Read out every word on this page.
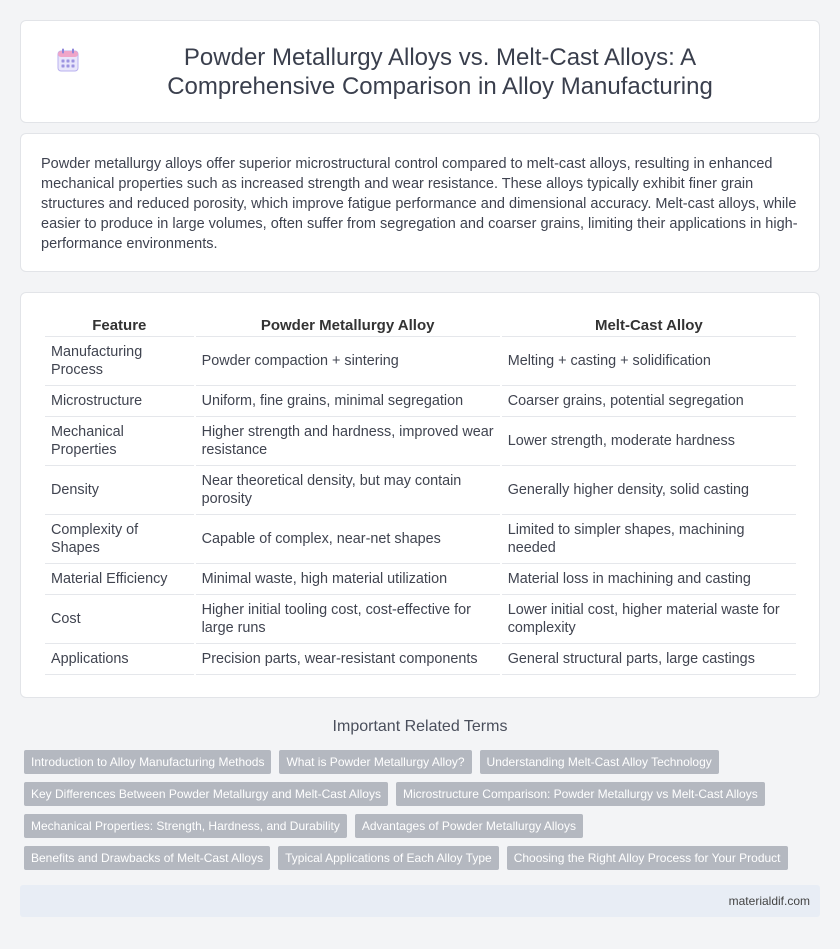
Powder Metallurgy Alloys vs. Melt-Cast Alloys: A Comprehensive Comparison in Alloy Manufacturing

Powder metallurgy alloys offer superior microstructural control compared to melt-cast alloys, resulting in enhanced mechanical properties such as increased strength and wear resistance. These alloys typically exhibit finer grain structures and reduced porosity, which improve fatigue performance and dimensional accuracy. Melt-cast alloys, while easier to produce in large volumes, often suffer from segregation and coarser grains, limiting their applications in high-performance environments.

Feature	Powder Metallurgy Alloy	Melt-Cast Alloy
Manufacturing Process	Powder compaction + sintering	Melting + casting + solidification
Microstructure	Uniform, fine grains, minimal segregation	Coarser grains, potential segregation
Mechanical Properties	Higher strength and hardness, improved wear resistance	Lower strength, moderate hardness
Density	Near theoretical density, but may contain porosity	Generally higher density, solid casting
Complexity of Shapes	Capable of complex, near-net shapes	Limited to simpler shapes, machining needed
Material Efficiency	Minimal waste, high material utilization	Material loss in machining and casting
Cost	Higher initial tooling cost, cost-effective for large runs	Lower initial cost, higher material waste for complexity
Applications	Precision parts, wear-resistant components	General structural parts, large castings
Important Related Terms
Introduction to Alloy Manufacturing Methods	What is Powder Metallurgy Alloy?	Understanding Melt-Cast Alloy Technology
Key Differences Between Powder Metallurgy and Melt-Cast Alloys	Microstructure Comparison: Powder Metallurgy vs Melt-Cast Alloys
Mechanical Properties: Strength, Hardness, and Durability	Advantages of Powder Metallurgy Alloys
Benefits and Drawbacks of Melt-Cast Alloys	Typical Applications of Each Alloy Type	Choosing the Right Alloy Process for Your Product
materialdif.com
